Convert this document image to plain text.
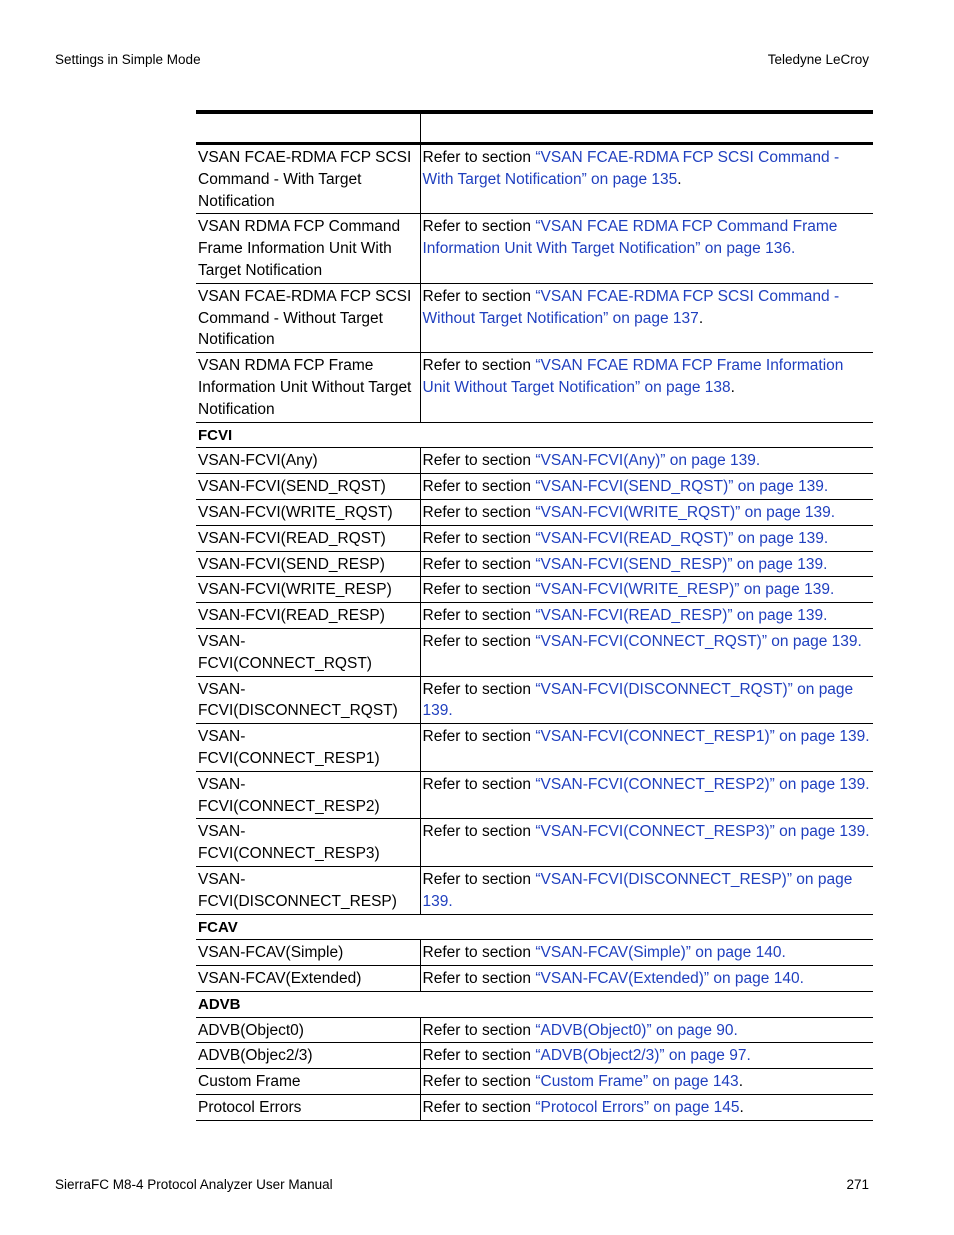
Settings in Simple Mode	Teledyne LeCroy

VSAN FCAE-RDMA FCP SCSI Command - With Target Notification	Refer to section “VSAN FCAE-RDMA FCP SCSI Command - With Target Notification” on page 135.
VSAN RDMA FCP Command Frame Information Unit With Target Notification	Refer to section “VSAN FCAE RDMA FCP Command Frame Information Unit With Target Notification” on page 136.
VSAN FCAE-RDMA FCP SCSI Command - Without Target Notification	Refer to section “VSAN FCAE-RDMA FCP SCSI Command - Without Target Notification” on page 137.
VSAN RDMA FCP Frame Information Unit Without Target Notification	Refer to section “VSAN FCAE RDMA FCP Frame Information Unit Without Target Notification” on page 138.
FCVI	
VSAN-FCVI(Any)	Refer to section “VSAN-FCVI(Any)” on page 139.
VSAN-FCVI(SEND_RQST)	Refer to section “VSAN-FCVI(SEND_RQST)” on page 139.
VSAN-FCVI(WRITE_RQST)	Refer to section “VSAN-FCVI(WRITE_RQST)” on page 139.
VSAN-FCVI(READ_RQST)	Refer to section “VSAN-FCVI(READ_RQST)” on page 139.
VSAN-FCVI(SEND_RESP)	Refer to section “VSAN-FCVI(SEND_RESP)” on page 139.
VSAN-FCVI(WRITE_RESP)	Refer to section “VSAN-FCVI(WRITE_RESP)” on page 139.
VSAN-FCVI(READ_RESP)	Refer to section “VSAN-FCVI(READ_RESP)” on page 139.
VSAN-FCVI(CONNECT_RQST)	Refer to section “VSAN-FCVI(CONNECT_RQST)” on page 139.
VSAN-FCVI(DISCONNECT_RQST)	Refer to section “VSAN-FCVI(DISCONNECT_RQST)” on page 139.
VSAN-FCVI(CONNECT_RESP1)	Refer to section “VSAN-FCVI(CONNECT_RESP1)” on page 139.
VSAN-FCVI(CONNECT_RESP2)	Refer to section “VSAN-FCVI(CONNECT_RESP2)” on page 139.
VSAN-FCVI(CONNECT_RESP3)	Refer to section “VSAN-FCVI(CONNECT_RESP3)” on page 139.
VSAN-FCVI(DISCONNECT_RESP)	Refer to section “VSAN-FCVI(DISCONNECT_RESP)” on page 139.
FCAV	
VSAN-FCAV(Simple)	Refer to section “VSAN-FCAV(Simple)” on page 140.
VSAN-FCAV(Extended)	Refer to section “VSAN-FCAV(Extended)” on page 140.
ADVB	
ADVB(Object0)	Refer to section “ADVB(Object0)” on page 90.
ADVB(Objec2/3)	Refer to section “ADVB(Object2/3)” on page 97.
Custom Frame	Refer to section “Custom Frame” on page 143.
Protocol Errors	Refer to section “Protocol Errors” on page 145.
SierraFC M8-4 Protocol Analyzer User Manual	271
